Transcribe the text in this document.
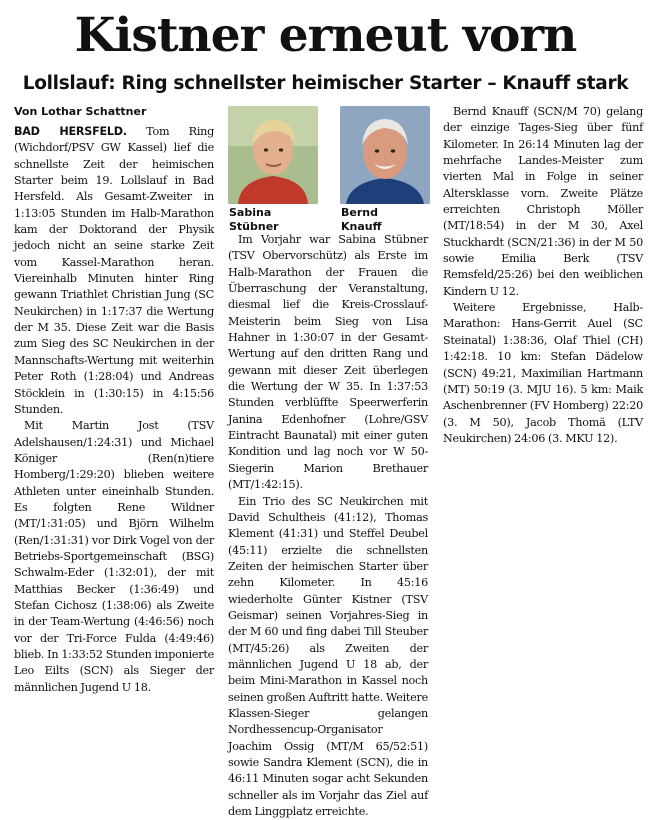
Kistner erneut vorn
Lollslauf: Ring schnellster heimischer Starter – Knauff stark

Von Lothar Schattner

BAD HERSFELD. Tom Ring (Wichdorf/PSV GW Kassel) lief die schnellste Zeit der heimischen Starter beim 19. Lollslauf in Bad Hersfeld. Als Gesamt-Zweiter in 1:13:05 Stunden im Halb-Marathon kam der Doktorand der Physik jedoch nicht an seine starke Zeit vom Kassel-Marathon heran. Viereinhalb Minuten hinter Ring gewann Triathlet Christian Jung (SC Neukirchen) in 1:17:37 die Wertung der M 35. Diese Zeit war die Basis zum Sieg des SC Neukirchen in der Mannschafts-Wertung mit weiterhin Peter Roth (1:28:04) und Andreas Stöcklein in (1:30:15) in 4:15:56 Stunden.

Mit Martin Jost (TSV Adelshausen/1:24:31) und Michael Königer (Ren(n)tiere Homberg/1:29:20) blieben weitere Athleten unter eineinhalb Stunden. Es folgten Rene Wildner (MT/1:31:05) und Björn Wilhelm (Ren/1:31:31) vor Dirk Vogel von der Betriebs-Sportgemeinschaft (BSG) Schwalm-Eder (1:32:01), der mit Matthias Becker (1:36:49) und Stefan Cichosz (1:38:06) als Zweite in der Team-Wertung (4:46:56) noch vor der Tri-Force Fulda (4:49:46) blieb. In 1:33:52 Stunden imponierte Leo Eilts (SCN) als Sieger der männlichen Jugend U 18.

Sabina
Stübner

Bernd
Knauff

Im Vorjahr war Sabina Stübner (TSV Obervorschütz) als Erste im Halb-Marathon der Frauen die Überraschung der Veranstaltung, diesmal lief die Kreis-Crosslauf-Meisterin beim Sieg von Lisa Hahner in 1:30:07 in der Gesamt-Wertung auf den dritten Rang und gewann mit dieser Zeit überlegen die Wertung der W 35. In 1:37:53 Stunden verblüffte Speerwerferin Janina Edenhofner (Lohre/GSV Eintracht Baunatal) mit einer guten Kondition und lag noch vor W 50-Siegerin Marion Brethauer (MT/1:42:15).

Ein Trio des SC Neukirchen mit David Schultheis (41:12), Thomas Klement (41:31) und Steffel Deubel (45:11) erzielte die schnellsten Zeiten der heimischen Starter über zehn Kilometer. In 45:16 wiederholte Günter Kistner (TSV Geismar) seinen Vorjahres-Sieg in der M 60 und fing dabei Till Steuber (MT/45:26) als Zweiten der männlichen Jugend U 18 ab, der beim Mini-Marathon in Kassel noch seinen großen Auftritt hatte. Weitere Klassen-Sieger gelangen Nordhessencup-Organisator Joachim Ossig (MT/M 65/52:51) sowie Sandra Klement (SCN), die in 46:11 Minuten sogar acht Sekunden schneller als im Vorjahr das Ziel auf dem Linggplatz erreichte.

Bernd Knauff (SCN/M 70) gelang der einzige Tages-Sieg über fünf Kilometer. In 26:14 Minuten lag der mehrfache Landes-Meister zum vierten Mal in Folge in seiner Altersklasse vorn. Zweite Plätze erreichten Christoph Möller (MT/18:54) in der M 30, Axel Stuckhardt (SCN/21:36) in der M 50 sowie Emilia Berk (TSV Remsfeld/25:26) bei den weiblichen Kindern U 12.

Weitere Ergebnisse, Halb-Marathon: Hans-Gerrit Auel (SC Steinatal) 1:38:36, Olaf Thiel (CH) 1:42:18. 10 km: Stefan Dädelow (SCN) 49:21, Maximilian Hartmann (MT) 50:19 (3. MJU 16). 5 km: Maik Aschenbrenner (FV Homberg) 22:20 (3. M 50), Jacob Thomä (LTV Neukirchen) 24:06 (3. MKU 12).
